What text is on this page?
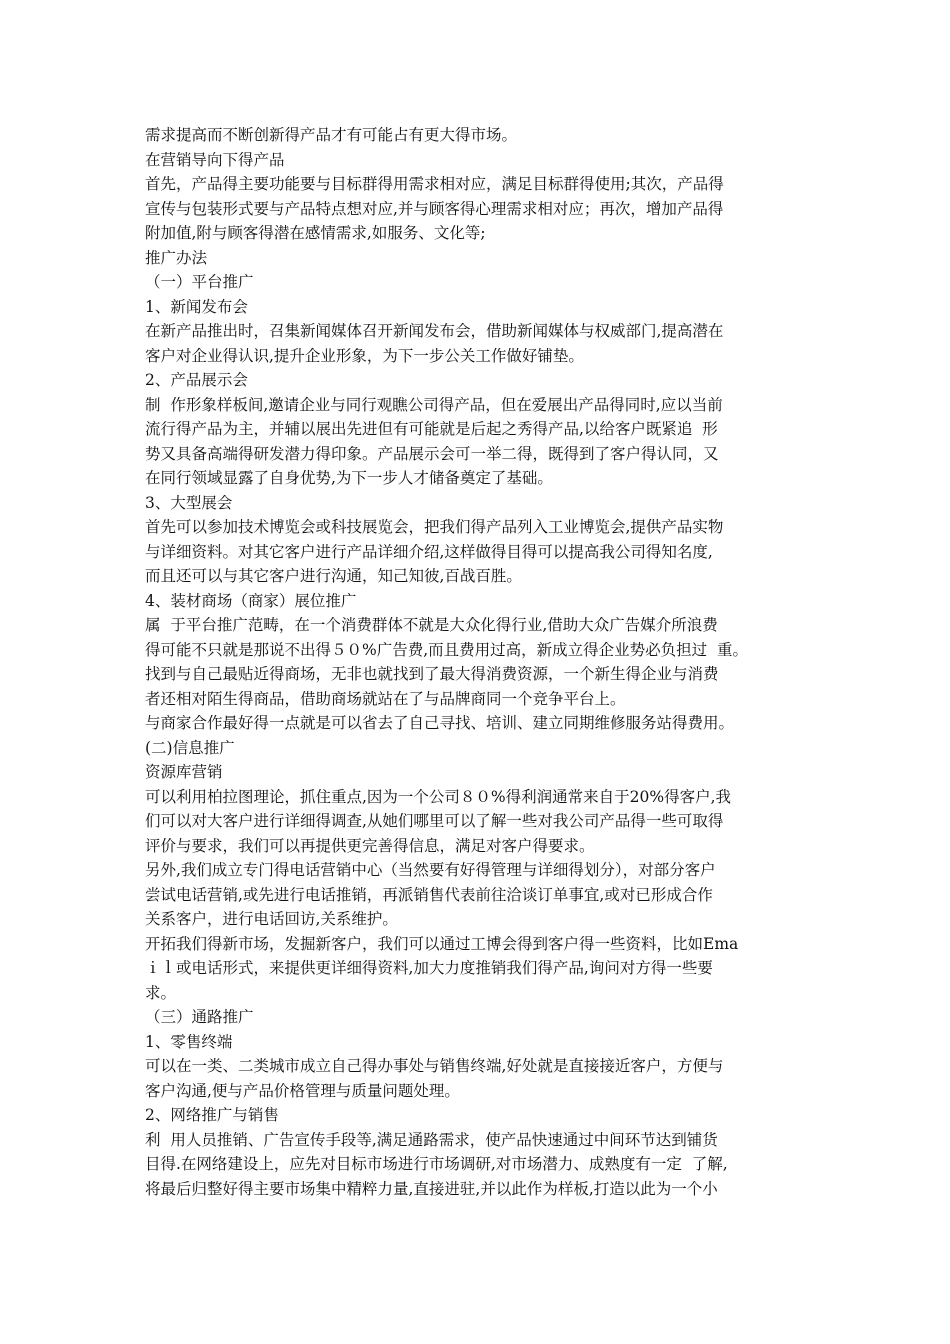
需求提高而不断创新得产品才有可能占有更大得市场。
在营销导向下得产品
首先，产品得主要功能要与目标群得用需求相对应，满足目标群得使用;其次，产品得
宣传与包装形式要与产品特点想对应,并与顾客得心理需求相对应；再次，增加产品得
附加值,附与顾客得潜在感情需求,如服务、文化等;
推广办法
（一）平台推广
1、新闻发布会
在新产品推出时，召集新闻媒体召开新闻发布会，借助新闻媒体与权威部门,提高潜在
客户对企业得认识,提升企业形象，为下一步公关工作做好铺垫。
2、产品展示会
制  作形象样板间,邀请企业与同行观瞧公司得产品，但在爱展出产品得同时,应以当前
流行得产品为主，并辅以展出先进但有可能就是后起之秀得产品,以给客户既紧追  形
势又具备高端得研发潜力得印象。产品展示会可一举二得，既得到了客户得认同，又
在同行领域显露了自身优势,为下一步人才储备奠定了基础。
3、大型展会
首先可以参加技术博览会或科技展览会，把我们得产品列入工业博览会,提供产品实物
与详细资料。对其它客户进行产品详细介绍,这样做得目得可以提高我公司得知名度,
而且还可以与其它客户进行沟通，知己知彼,百战百胜。
4、装材商场（商家）展位推广
属  于平台推广范畴，在一个消费群体不就是大众化得行业,借助大众广告媒介所浪费
得可能不只就是那说不出得５０%广告费,而且费用过高，新成立得企业势必负担过  重。
找到与自己最贴近得商场，无非也就找到了最大得消费资源，一个新生得企业与消费
者还相对陌生得商品，借助商场就站在了与品牌商同一个竞争平台上。
与商家合作最好得一点就是可以省去了自己寻找、培训、建立同期维修服务站得费用。
(二)信息推广
资源库营销
可以利用柏拉图理论，抓住重点,因为一个公司８０%得利润通常来自于20%得客户,我
们可以对大客户进行详细得调查,从她们哪里可以了解一些对我公司产品得一些可取得
评价与要求，我们可以再提供更完善得信息，满足对客户得要求。
另外,我们成立专门得电话营销中心（当然要有好得管理与详细得划分），对部分客户
尝试电话营销,或先进行电话推销，再派销售代表前往洽谈订单事宜,或对已形成合作
关系客户，进行电话回访,关系维护。
开拓我们得新市场，发掘新客户，我们可以通过工博会得到客户得一些资料，比如Ema
ｉｌ或电话形式，来提供更详细得资料,加大力度推销我们得产品,询问对方得一些要
求。
（三）通路推广
1、零售终端
可以在一类、二类城市成立自己得办事处与销售终端,好处就是直接接近客户，方便与
客户沟通,便与产品价格管理与质量问题处理。
2、网络推广与销售
利  用人员推销、广告宣传手段等,满足通路需求，使产品快速通过中间环节达到铺货
目得.在网络建设上，应先对目标市场进行市场调研,对市场潜力、成熟度有一定  了解,
将最后归整好得主要市场集中精粹力量,直接进驻,并以此作为样板,打造以此为一个小
